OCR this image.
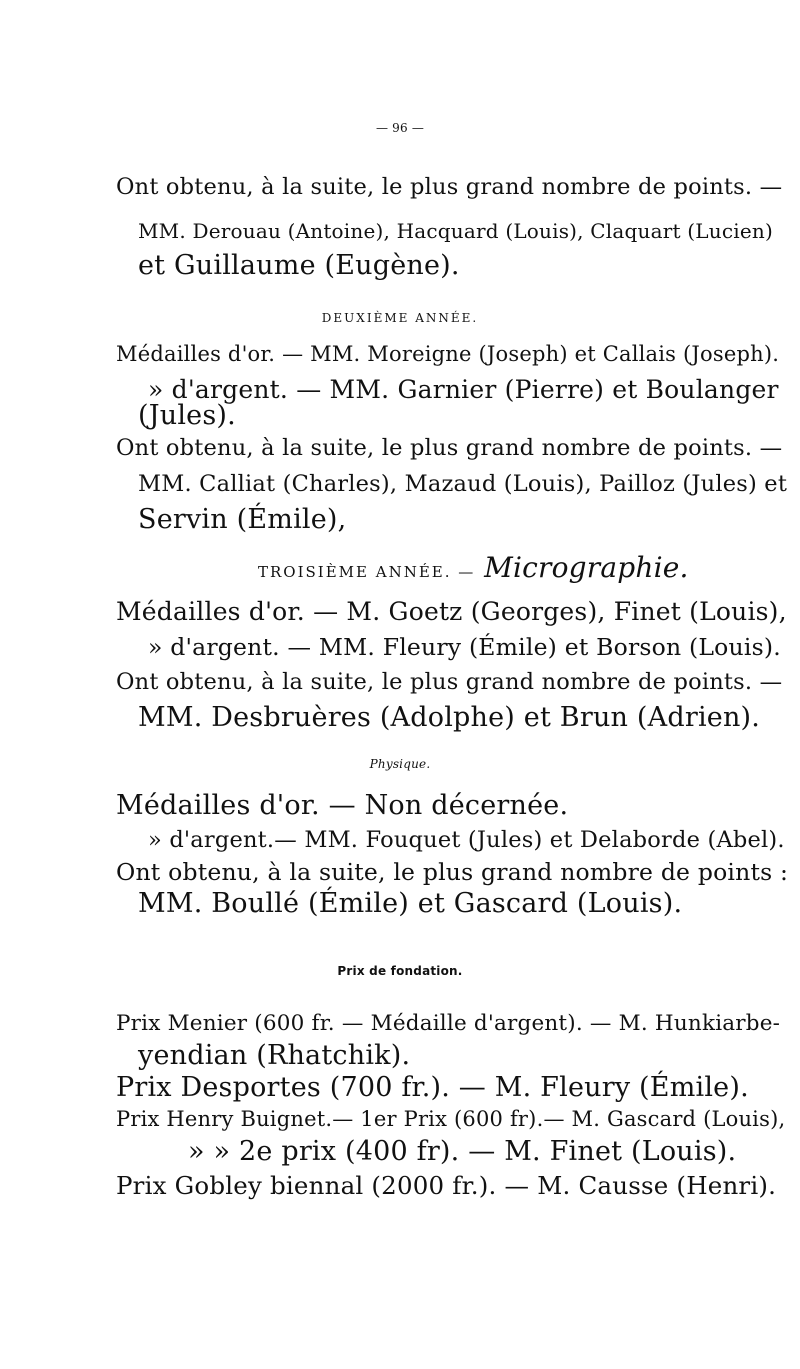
— 96 —
Ont obtenu, à la suite, le plus grand nombre de points. —
MM. Derouau (Antoine), Hacquard (Louis), Claquart (Lucien)
et Guillaume (Eugène).
DEUXIÈME ANNÉE.
Médailles d'or. — MM. Moreigne (Joseph) et Callais (Joseph).
» d'argent. — MM. Garnier (Pierre) et Boulanger
(Jules).
Ont obtenu, à la suite, le plus grand nombre de points. —
MM. Calliat (Charles), Mazaud (Louis), Pailloz (Jules) et
Servin (Émile),
TROISIÈME ANNÉE. — Micrographie.
Médailles d'or. — M. Goetz (Georges), Finet (Louis),
» d'argent. — MM. Fleury (Émile) et Borson (Louis).
Ont obtenu, à la suite, le plus grand nombre de points. —
MM. Desbruères (Adolphe) et Brun (Adrien).
Physique.
Médailles d'or. — Non décernée.
» d'argent.— MM. Fouquet (Jules) et Delaborde (Abel).
Ont obtenu, à la suite, le plus grand nombre de points :
MM. Boullé (Émile) et Gascard (Louis).
Prix de fondation.
Prix Menier (600 fr. — Médaille d'argent). — M. Hunkiarbe-
yendian (Rhatchik).
Prix Desportes (700 fr.). — M. Fleury (Émile).
Prix Henry Buignet.— 1er Prix (600 fr).— M. Gascard (Louis),
» » 2e prix (400 fr). — M. Finet (Louis).
Prix Gobley biennal (2000 fr.). — M. Causse (Henri).
